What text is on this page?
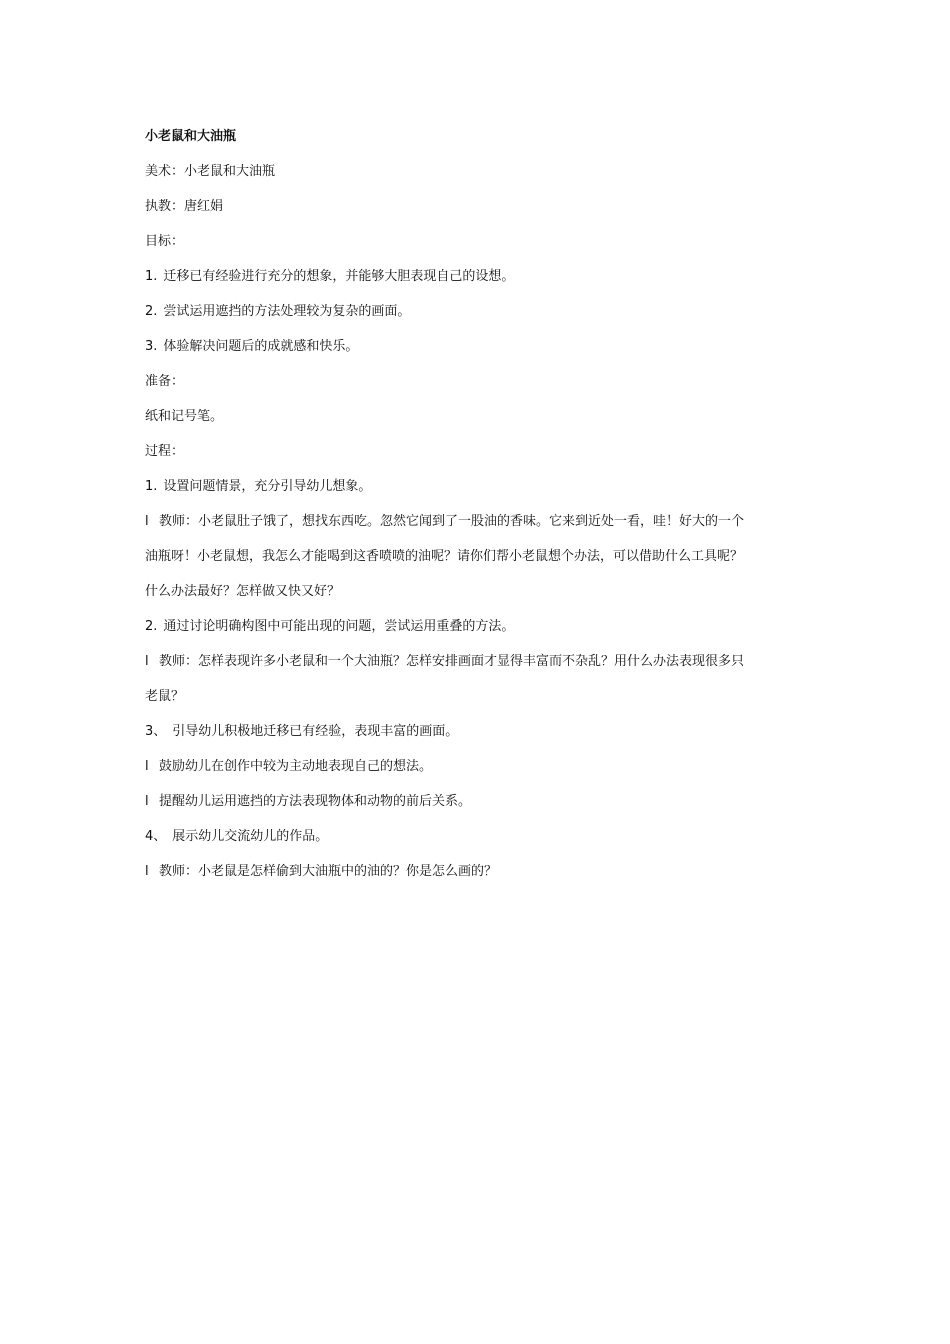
小老鼠和大油瓶
美术：小老鼠和大油瓶
执教：唐红娟
目标：
1. 迁移已有经验进行充分的想象，并能够大胆表现自己的设想。
2. 尝试运用遮挡的方法处理较为复杂的画面。
3. 体验解决问题后的成就感和快乐。
准备：
纸和记号笔。
过程：
1. 设置问题情景，充分引导幼儿想象。
l 教师：小老鼠肚子饿了，想找东西吃。忽然它闻到了一股油的香味。它来到近处一看，哇！好大的一个
油瓶呀！小老鼠想，我怎么才能喝到这香喷喷的油呢？请你们帮小老鼠想个办法，可以借助什么工具呢？
什么办法最好？怎样做又快又好？
2. 通过讨论明确构图中可能出现的问题，尝试运用重叠的方法。
l 教师：怎样表现许多小老鼠和一个大油瓶？怎样安排画面才显得丰富而不杂乱？用什么办法表现很多只
老鼠？
3、 引导幼儿积极地迁移已有经验，表现丰富的画面。
l 鼓励幼儿在创作中较为主动地表现自己的想法。
l 提醒幼儿运用遮挡的方法表现物体和动物的前后关系。
4、 展示幼儿交流幼儿的作品。
l 教师：小老鼠是怎样偷到大油瓶中的油的？你是怎么画的？
